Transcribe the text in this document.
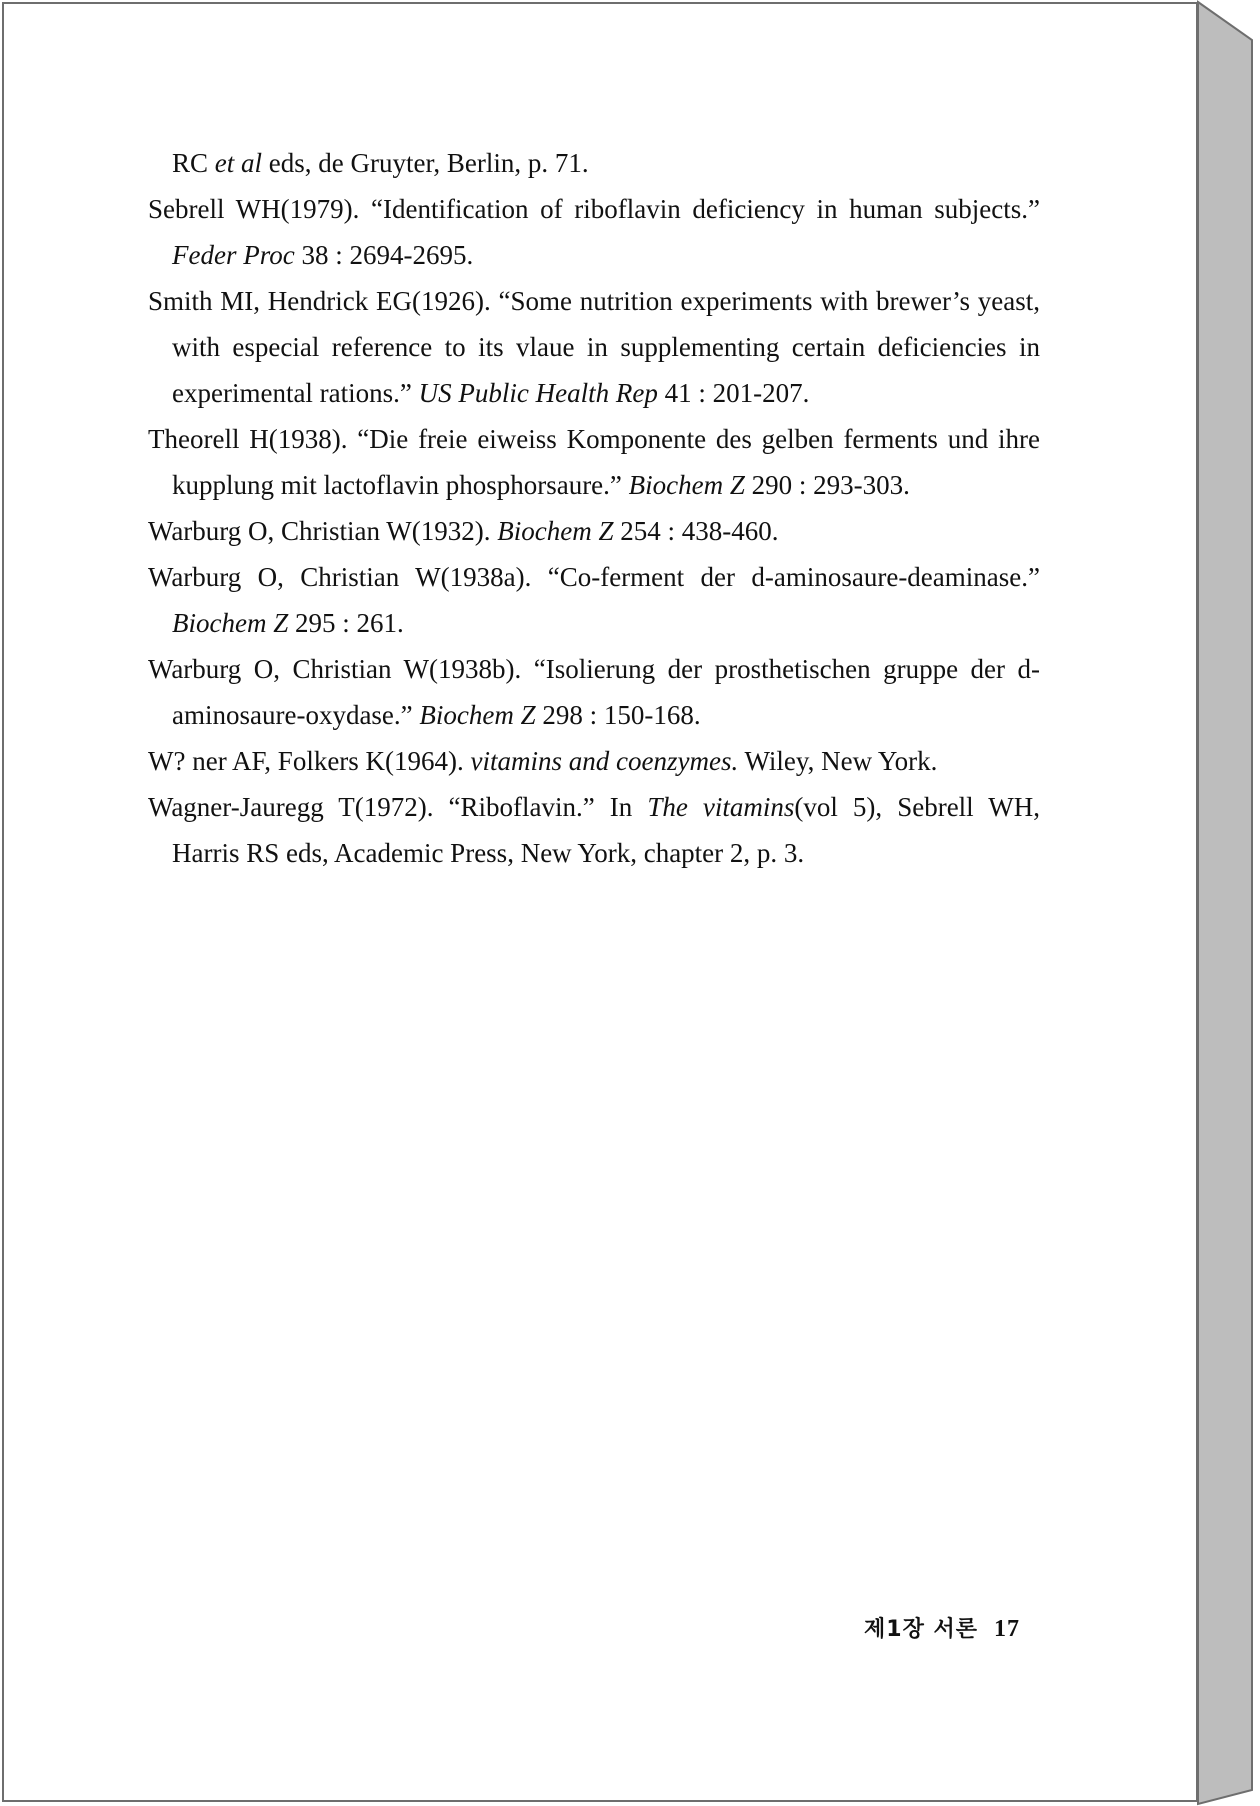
RC et al eds, de Gruyter, Berlin, p. 71.

Sebrell WH(1979). “Identification of riboflavin deficiency in human subjects.” Feder Proc 38 : 2694-2695.

Smith MI, Hendrick EG(1926). “Some nutrition experiments with brewer’s yeast, with especial reference to its vlaue in supplementing certain deficiencies in experimental rations.” US Public Health Rep 41 : 201-207.

Theorell H(1938). “Die freie eiweiss Komponente des gelben ferments und ihre kupplung mit lactoflavin phosphorsaure.” Biochem Z 290 : 293-303.

Warburg O, Christian W(1932). Biochem Z 254 : 438-460.

Warburg O, Christian W(1938a). “Co-ferment der d-aminosaure-deaminase.” Biochem Z 295 : 261.

Warburg O, Christian W(1938b). “Isolierung der prosthetischen gruppe der d-aminosaure-oxydase.” Biochem Z 298 : 150-168.

W? ner AF, Folkers K(1964). vitamins and coenzymes. Wiley, New York.

Wagner-Jauregg T(1972). “Riboflavin.” In The vitamins(vol 5), Sebrell WH, Harris RS eds, Academic Press, New York, chapter 2, p. 3.

제1장 서론 17
